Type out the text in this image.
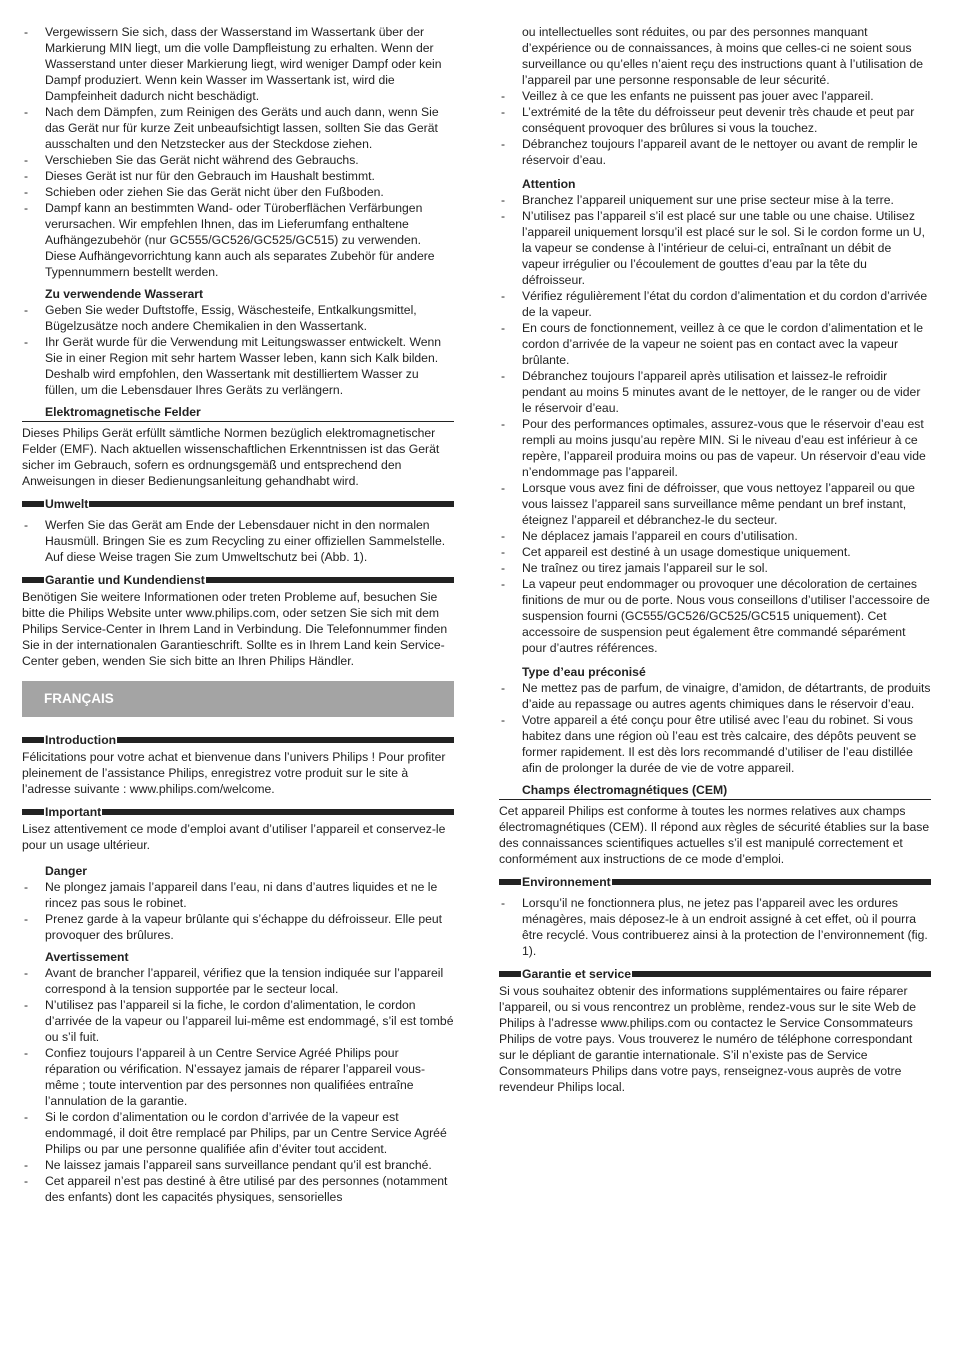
- Vergewissern Sie sich, dass der Wasserstand im Wassertank über der Markierung MIN liegt, um die volle Dampfleistung zu erhalten. Wenn der Wasserstand unter dieser Markierung liegt, wird weniger Dampf oder kein Dampf produziert. Wenn kein Wasser im Wassertank ist, wird die Dampfeinheit dadurch nicht beschädigt.
- Nach dem Dämpfen, zum Reinigen des Geräts und auch dann, wenn Sie das Gerät nur für kurze Zeit unbeaufsichtigt lassen, sollten Sie das Gerät ausschalten und den Netzstecker aus der Steckdose ziehen.
- Verschieben Sie das Gerät nicht während des Gebrauchs.
- Dieses Gerät ist nur für den Gebrauch im Haushalt bestimmt.
- Schieben oder ziehen Sie das Gerät nicht über den Fußboden.
- Dampf kann an bestimmten Wand- oder Türoberflächen Verfärbungen verursachen. Wir empfehlen Ihnen, das im Lieferumfang enthaltene Aufhängezubehör (nur GC555/GC526/GC525/GC515) zu verwenden. Diese Aufhängevorrichtung kann auch als separates Zubehör für andere Typennummern bestellt werden.
Zu verwendende Wasserart
- Geben Sie weder Duftstoffe, Essig, Wäschesteife, Entkalkungsmittel, Bügelzusätze noch andere Chemikalien in den Wassertank.
- Ihr Gerät wurde für die Verwendung mit Leitungswasser entwickelt. Wenn Sie in einer Region mit sehr hartem Wasser leben, kann sich Kalk bilden. Deshalb wird empfohlen, den Wassertank mit destilliertem Wasser zu füllen, um die Lebensdauer Ihres Geräts zu verlängern.
Elektromagnetische Felder

Dieses Philips Gerät erfüllt sämtliche Normen bezüglich elektromagnetischer Felder (EMF). Nach aktuellen wissenschaftlichen Erkenntnissen ist das Gerät sicher im Gebrauch, sofern es ordnungsgemäß und entsprechend den Anweisungen in dieser Bedienungsanleitung gehandhabt wird.

Umwelt
- Werfen Sie das Gerät am Ende der Lebensdauer nicht in den normalen Hausmüll. Bringen Sie es zum Recycling zu einer offiziellen Sammelstelle. Auf diese Weise tragen Sie zum Umweltschutz bei (Abb. 1).
Garantie und Kundendienst

Benötigen Sie weitere Informationen oder treten Probleme auf, besuchen Sie bitte die Philips Website unter www.philips.com, oder setzen Sie sich mit dem Philips Service-Center in Ihrem Land in Verbindung. Die Telefonnummer finden Sie in der internationalen Garantieschrift. Sollte es in Ihrem Land kein Service-Center geben, wenden Sie sich bitte an Ihren Philips Händler.

FRANÇAIS
Introduction

Félicitations pour votre achat et bienvenue dans l’univers Philips ! Pour profiter pleinement de l’assistance Philips, enregistrez votre produit sur le site à l’adresse suivante : www.philips.com/welcome.

Important

Lisez attentivement ce mode d’emploi avant d’utiliser l’appareil et conservez-le pour un usage ultérieur.

Danger
- Ne plongez jamais l’appareil dans l’eau, ni dans d’autres liquides et ne le rincez pas sous le robinet.
- Prenez garde à la vapeur brûlante qui s’échappe du défroisseur. Elle peut provoquer des brûlures.
Avertissement
- Avant de brancher l’appareil, vérifiez que la tension indiquée sur l’appareil correspond à la tension supportée par le secteur local.
- N’utilisez pas l’appareil si la fiche, le cordon d’alimentation, le cordon d’arrivée de la vapeur ou l’appareil lui-même est endommagé, s’il est tombé ou s’il fuit.
- Confiez toujours l’appareil à un Centre Service Agréé Philips pour réparation ou vérification. N’essayez jamais de réparer l’appareil vous-même ; toute intervention par des personnes non qualifiées entraîne l’annulation de la garantie.
- Si le cordon d’alimentation ou le cordon d’arrivée de la vapeur est endommagé, il doit être remplacé par Philips, par un Centre Service Agréé Philips ou par une personne qualifiée afin d’éviter tout accident.
- Ne laissez jamais l’appareil sans surveillance pendant qu’il est branché.
- Cet appareil n’est pas destiné à être utilisé par des personnes (notamment des enfants) dont les capacités physiques, sensorielles

ou intellectuelles sont réduites, ou par des personnes manquant d’expérience ou de connaissances, à moins que celles-ci ne soient sous surveillance ou qu’elles n’aient reçu des instructions quant à l’utilisation de l’appareil par une personne responsable de leur sécurité.

- Veillez à ce que les enfants ne puissent pas jouer avec l’appareil.
- L’extrémité de la tête du défroisseur peut devenir très chaude et peut par conséquent provoquer des brûlures si vous la touchez.
- Débranchez toujours l’appareil avant de le nettoyer ou avant de remplir le réservoir d’eau.
Attention
- Branchez l’appareil uniquement sur une prise secteur mise à la terre.
- N’utilisez pas l’appareil s’il est placé sur une table ou une chaise. Utilisez l’appareil uniquement lorsqu’il est placé sur le sol. Si le cordon forme un U, la vapeur se condense à l’intérieur de celui-ci, entraînant un débit de vapeur irrégulier ou l’écoulement de gouttes d’eau par la tête du défroisseur.
- Vérifiez régulièrement l’état du cordon d’alimentation et du cordon d’arrivée de la vapeur.
- En cours de fonctionnement, veillez à ce que le cordon d’alimentation et le cordon d’arrivée de la vapeur ne soient pas en contact avec la vapeur brûlante.
- Débranchez toujours l’appareil après utilisation et laissez-le refroidir pendant au moins 5 minutes avant de le nettoyer, de le ranger ou de vider le réservoir d’eau.
- Pour des performances optimales, assurez-vous que le réservoir d’eau est rempli au moins jusqu’au repère MIN. Si le niveau d’eau est inférieur à ce repère, l’appareil produira moins ou pas de vapeur. Un réservoir d’eau vide n’endommage pas l’appareil.
- Lorsque vous avez fini de défroisser, que vous nettoyez l’appareil ou que vous laissez l’appareil sans surveillance même pendant un bref instant, éteignez l’appareil et débranchez-le du secteur.
- Ne déplacez jamais l’appareil en cours d’utilisation.
- Cet appareil est destiné à un usage domestique uniquement.
- Ne traînez ou tirez jamais l’appareil sur le sol.
- La vapeur peut endommager ou provoquer une décoloration de certaines finitions de mur ou de porte. Nous vous conseillons d’utiliser l’accessoire de suspension fourni (GC555/GC526/GC525/GC515 uniquement). Cet accessoire de suspension peut également être commandé séparément pour d’autres références.
Type d’eau préconisé
- Ne mettez pas de parfum, de vinaigre, d’amidon, de détartrants, de produits d’aide au repassage ou autres agents chimiques dans le réservoir d’eau.
- Votre appareil a été conçu pour être utilisé avec l’eau du robinet. Si vous habitez dans une région où l’eau est très calcaire, des dépôts peuvent se former rapidement. Il est dès lors recommandé d’utiliser de l’eau distillée afin de prolonger la durée de vie de votre appareil.
Champs électromagnétiques (CEM)

Cet appareil Philips est conforme à toutes les normes relatives aux champs électromagnétiques (CEM). Il répond aux règles de sécurité établies sur la base des connaissances scientifiques actuelles s’il est manipulé correctement et conformément aux instructions de ce mode d’emploi.

Environnement
- Lorsqu’il ne fonctionnera plus, ne jetez pas l’appareil avec les ordures ménagères, mais déposez-le à un endroit assigné à cet effet, où il pourra être recyclé. Vous contribuerez ainsi à la protection de l’environnement (fig. 1).
Garantie et service

Si vous souhaitez obtenir des informations supplémentaires ou faire réparer l’appareil, ou si vous rencontrez un problème, rendez-vous sur le site Web de Philips à l’adresse www.philips.com ou contactez le Service Consommateurs Philips de votre pays. Vous trouverez le numéro de téléphone correspondant sur le dépliant de garantie internationale. S’il n’existe pas de Service Consommateurs Philips dans votre pays, renseignez-vous auprès de votre revendeur Philips local.
